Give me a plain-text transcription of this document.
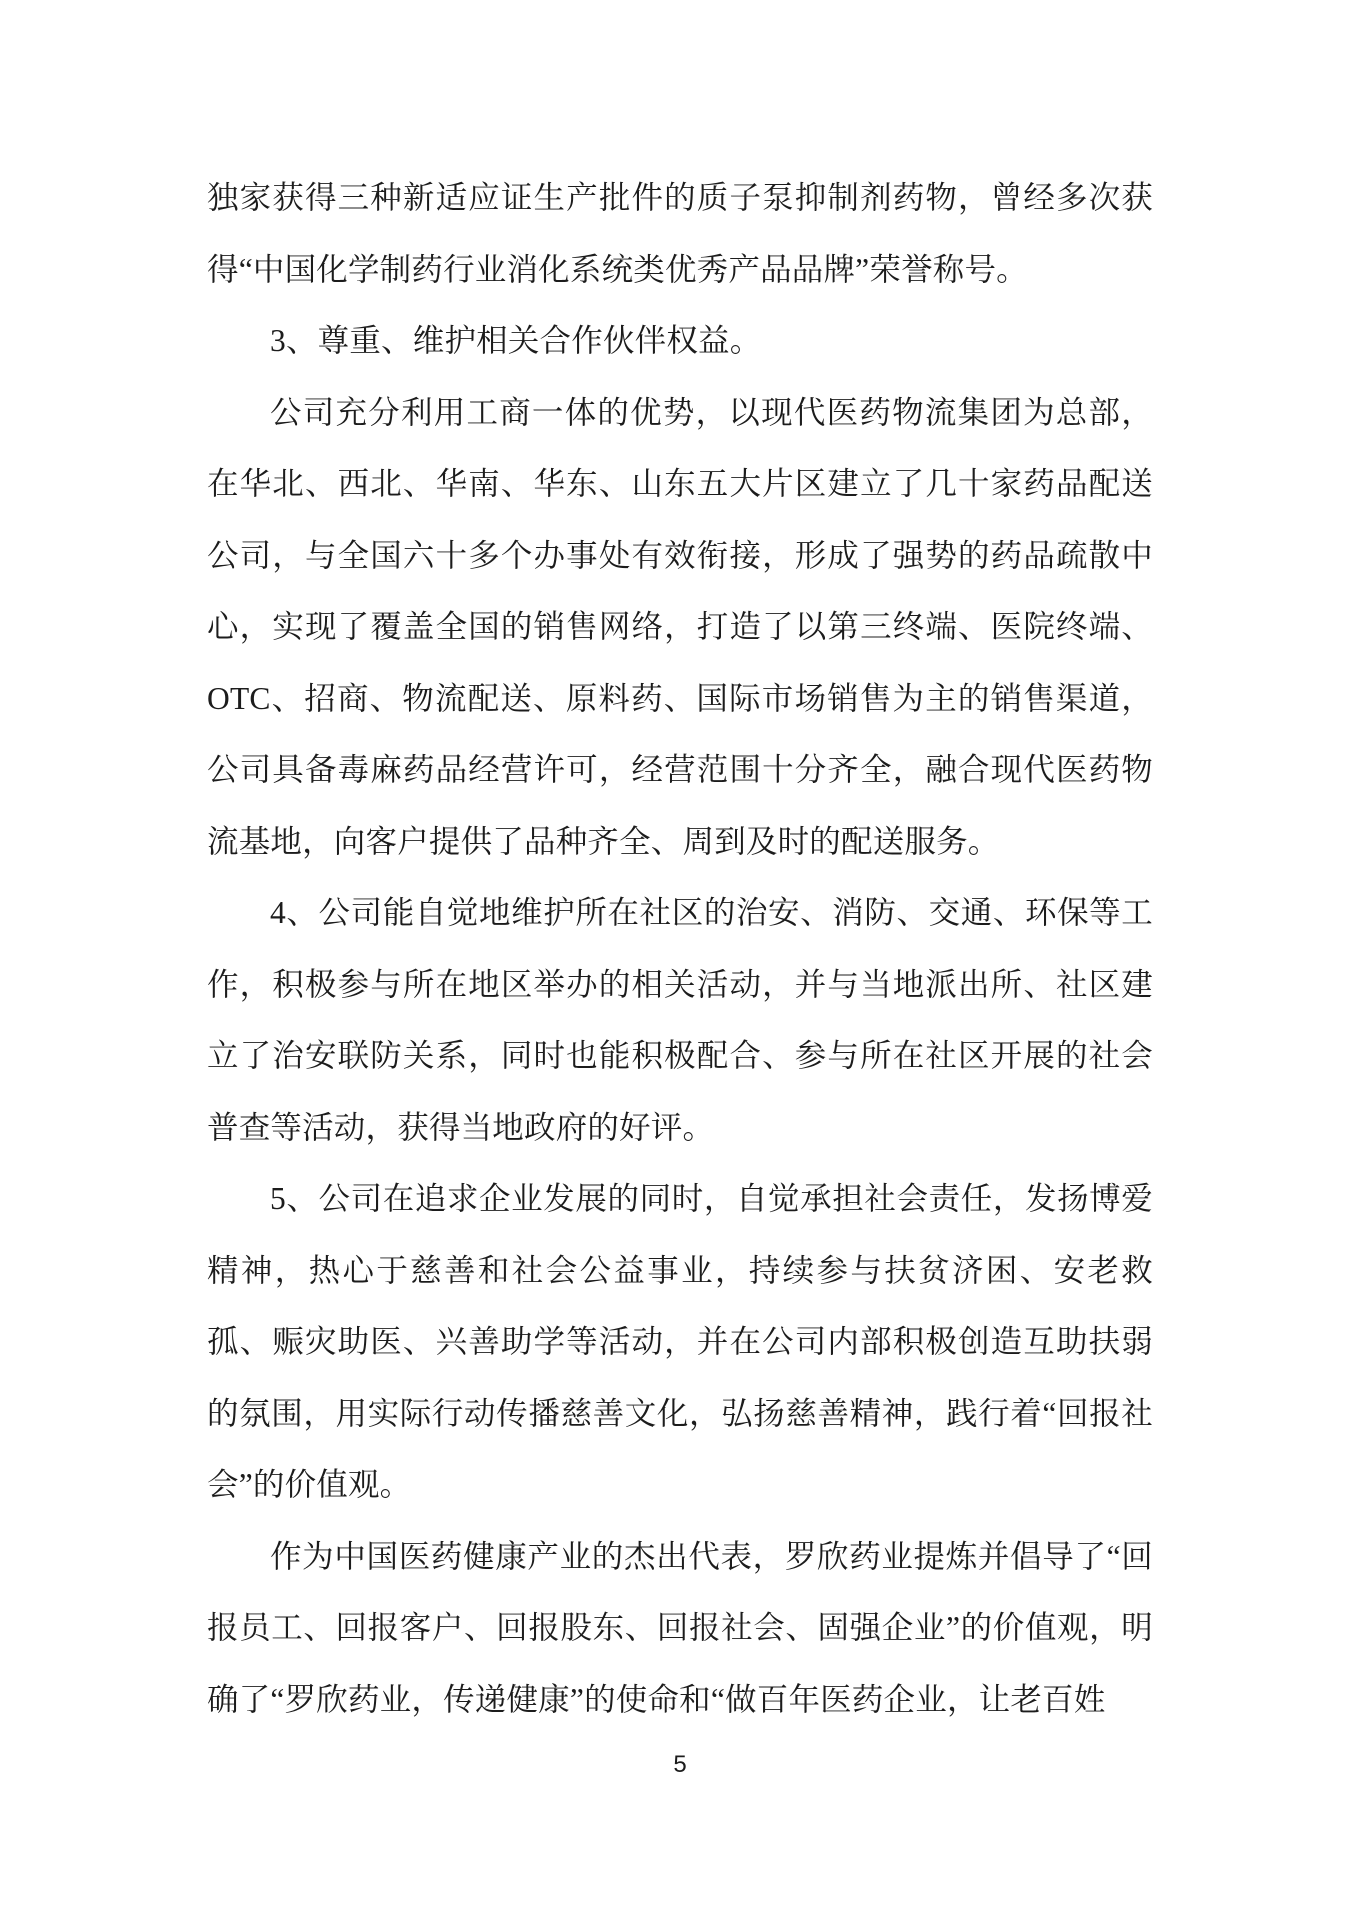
独家获得三种新适应证生产批件的质子泵抑制剂药物，曾经多次获得“中国化学制药行业消化系统类优秀产品品牌”荣誉称号。

3、尊重、维护相关合作伙伴权益。

公司充分利用工商一体的优势，以现代医药物流集团为总部，在华北、西北、华南、华东、山东五大片区建立了几十家药品配送公司，与全国六十多个办事处有效衔接，形成了强势的药品疏散中心，实现了覆盖全国的销售网络，打造了以第三终端、医院终端、OTC、招商、物流配送、原料药、国际市场销售为主的销售渠道，公司具备毒麻药品经营许可，经营范围十分齐全，融合现代医药物流基地，向客户提供了品种齐全、周到及时的配送服务。

4、公司能自觉地维护所在社区的治安、消防、交通、环保等工作，积极参与所在地区举办的相关活动，并与当地派出所、社区建立了治安联防关系，同时也能积极配合、参与所在社区开展的社会普查等活动，获得当地政府的好评。

5、公司在追求企业发展的同时，自觉承担社会责任，发扬博爱精神，热心于慈善和社会公益事业，持续参与扶贫济困、安老救孤、赈灾助医、兴善助学等活动，并在公司内部积极创造互助扶弱的氛围，用实际行动传播慈善文化，弘扬慈善精神，践行着“回报社会”的价值观。

作为中国医药健康产业的杰出代表，罗欣药业提炼并倡导了“回报员工、回报客户、回报股东、回报社会、固强企业”的价值观，明确了“罗欣药业，传递健康”的使命和“做百年医药企业，让老百姓

5
